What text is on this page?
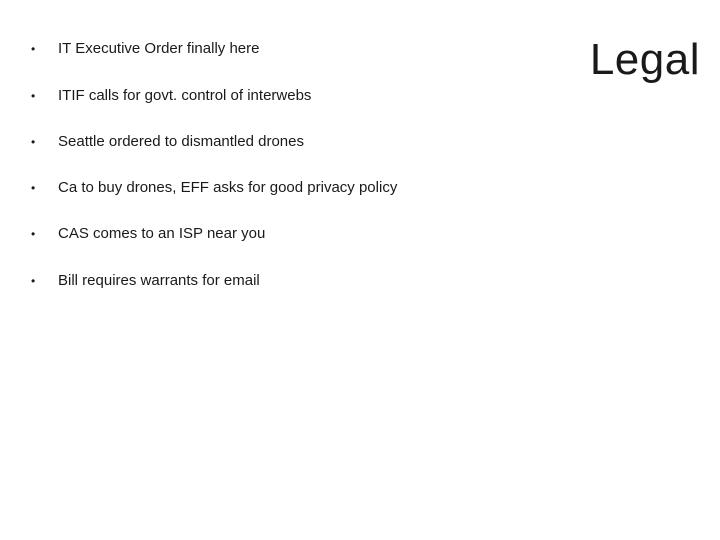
Legal
• IT Executive Order finally here
• ITIF calls for govt. control of interwebs
• Seattle ordered to dismantled drones
• Ca to buy drones, EFF asks for good privacy policy
• CAS comes to an ISP near you
• Bill requires warrants for email
